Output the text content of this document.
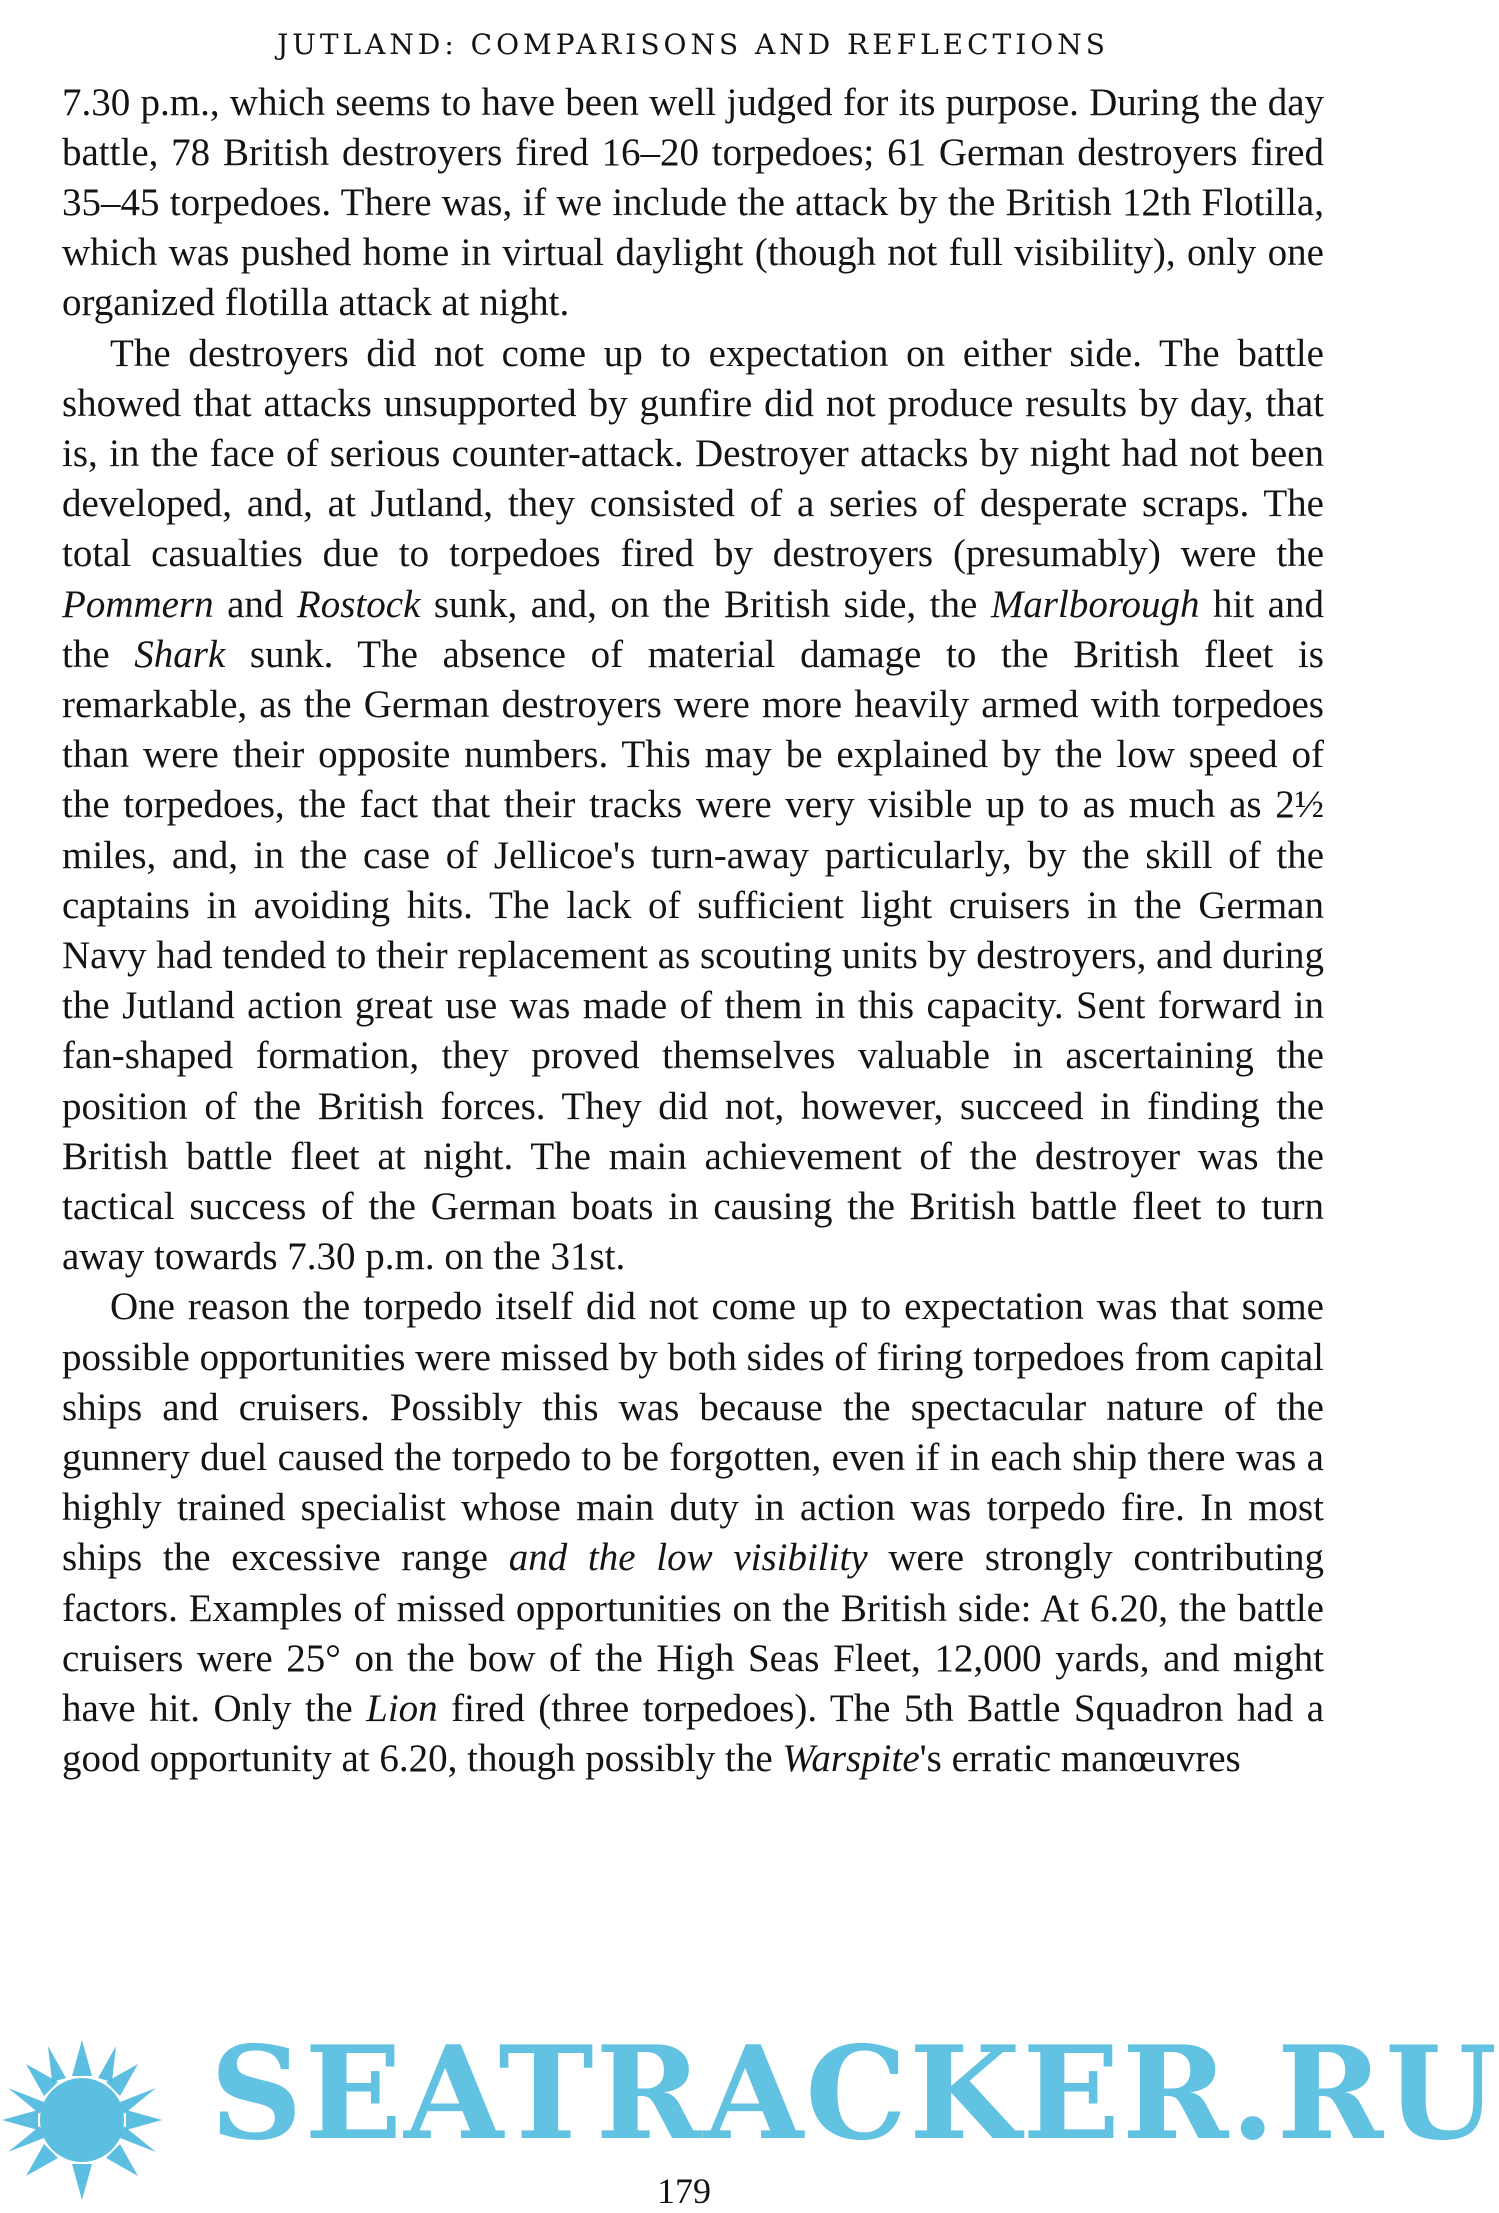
JUTLAND: COMPARISONS AND REFLECTIONS

7.30 p.m., which seems to have been well judged for its purpose. During the day battle, 78 British destroyers fired 16–20 torpedoes; 61 German destroyers fired 35–45 torpedoes. There was, if we include the attack by the British 12th Flotilla, which was pushed home in virtual daylight (though not full visibility), only one organized flotilla attack at night.

The destroyers did not come up to expectation on either side. The battle showed that attacks unsupported by gunfire did not produce results by day, that is, in the face of serious counter-attack. Destroyer attacks by night had not been developed, and, at Jutland, they consisted of a series of desperate scraps. The total casualties due to torpedoes fired by destroyers (presumably) were the Pommern and Rostock sunk, and, on the British side, the Marlborough hit and the Shark sunk. The absence of material damage to the British fleet is remarkable, as the German destroyers were more heavily armed with torpedoes than were their opposite numbers. This may be explained by the low speed of the torpedoes, the fact that their tracks were very visible up to as much as 2½ miles, and, in the case of Jellicoe's turn-away particularly, by the skill of the captains in avoiding hits. The lack of sufficient light cruisers in the German Navy had tended to their replacement as scouting units by destroyers, and during the Jutland action great use was made of them in this capacity. Sent forward in fan-shaped formation, they proved themselves valuable in ascertaining the position of the British forces. They did not, however, succeed in finding the British battle fleet at night. The main achievement of the destroyer was the tactical success of the German boats in causing the British battle fleet to turn away towards 7.30 p.m. on the 31st.

One reason the torpedo itself did not come up to expectation was that some possible opportunities were missed by both sides of firing torpedoes from capital ships and cruisers. Possibly this was because the spectacular nature of the gunnery duel caused the torpedo to be forgotten, even if in each ship there was a highly trained specialist whose main duty in action was torpedo fire. In most ships the excessive range and the low visibility were strongly contributing factors. Examples of missed opportunities on the British side: At 6.20, the battle cruisers were 25° on the bow of the High Seas Fleet, 12,000 yards, and might have hit. Only the Lion fired (three torpedoes). The 5th Battle Squadron had a good opportunity at 6.20, though possibly the Warspite's erratic manœuvres

SEATRACKER.RU
179
